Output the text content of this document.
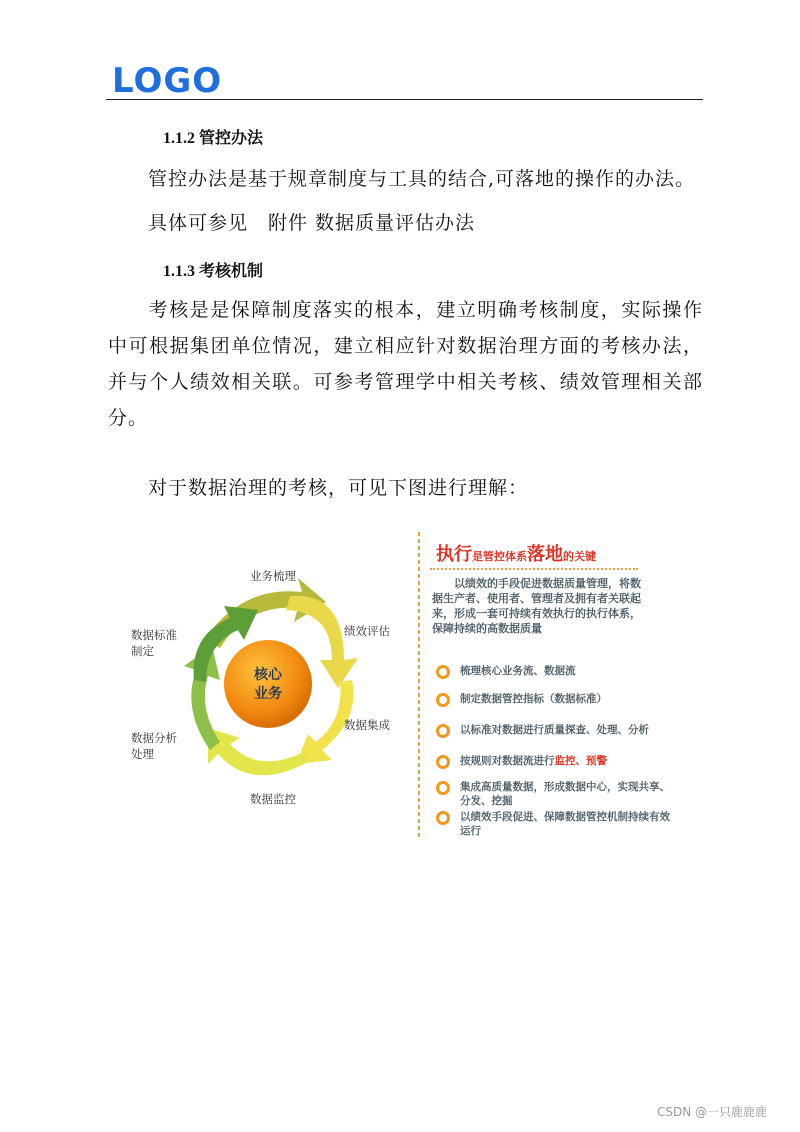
LOGO
1.1.2 管控办法
管控办法是基于规章制度与工具的结合,可落地的操作的办法。
具体可参见　附件 数据质量评估办法
1.1.3 考核机制
考核是是保障制度落实的根本，建立明确考核制度，实际操作中可根据集团单位情况，建立相应针对数据治理方面的考核办法，并与个人绩效相关联。可参考管理学中相关考核、绩效管理相关部分。
对于数据治理的考核，可见下图进行理解：
核心
业务
业务梳理
绩效评估
数据集成
数据监控
数据分析
处理
数据标准
制定
执行是管控体系落地的关键
以绩效的手段促进数据质量管理，将数据生产者、使用者、管理者及拥有者关联起来，形成一套可持续有效执行的执行体系，保障持续的高数据质量
梳理核心业务流、数据流
制定数据管控指标（数据标准）
以标准对数据进行质量探查、处理、分析
按规则对数据流进行监控、预警
集成高质量数据，形成数据中心，实现共享、分发、挖掘
以绩效手段促进、保障数据管控机制持续有效运行
CSDN @一只鹿鹿鹿
